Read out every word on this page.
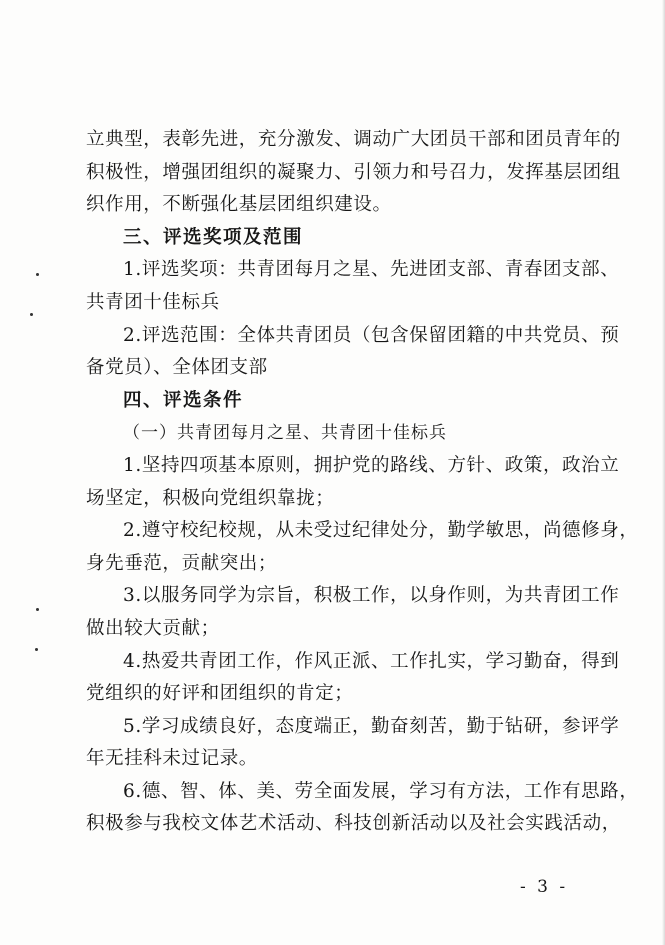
立典型，表彰先进，充分激发、调动广大团员干部和团员青年的
积极性，增强团组织的凝聚力、引领力和号召力，发挥基层团组
织作用，不断强化基层团组织建设。
三、评选奖项及范围
1.评选奖项：共青团每月之星、先进团支部、青春团支部、
共青团十佳标兵
2.评选范围：全体共青团员（包含保留团籍的中共党员、预
备党员）、全体团支部
四、评选条件
（一）共青团每月之星、共青团十佳标兵
1.坚持四项基本原则，拥护党的路线、方针、政策，政治立
场坚定，积极向党组织靠拢；
2.遵守校纪校规，从未受过纪律处分，勤学敏思，尚德修身，
身先垂范，贡献突出；
3.以服务同学为宗旨，积极工作，以身作则，为共青团工作
做出较大贡献；
4.热爱共青团工作，作风正派、工作扎实，学习勤奋，得到
党组织的好评和团组织的肯定；
5.学习成绩良好，态度端正，勤奋刻苦，勤于钻研，参评学
年无挂科未过记录。
6.德、智、体、美、劳全面发展，学习有方法，工作有思路，
积极参与我校文体艺术活动、科技创新活动以及社会实践活动，
- 3 -
